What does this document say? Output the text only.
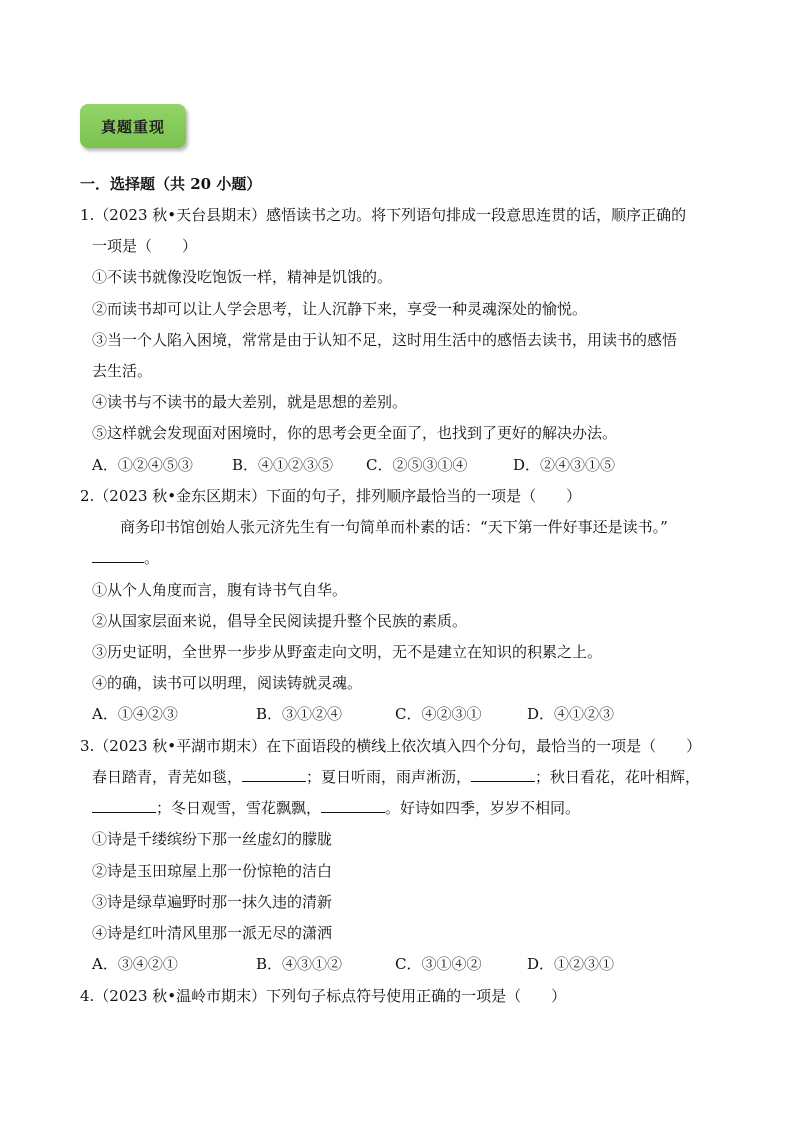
真题重现
一．选择题（共 20 小题）
1.（2023 秋•天台县期末）感悟读书之功。将下列语句排成一段意思连贯的话，顺序正确的
一项是（　　）
①不读书就像没吃饱饭一样，精神是饥饿的。
②而读书却可以让人学会思考，让人沉静下来，享受一种灵魂深处的愉悦。
③当一个人陷入困境，常常是由于认知不足，这时用生活中的感悟去读书，用读书的感悟
去生活。
④读书与不读书的最大差别，就是思想的差别。
⑤这样就会发现面对困境时，你的思考会更全面了，也找到了更好的解决办法。
A．①②④⑤③	B．④①②③⑤ C．②⑤③①④	D．②④③①⑤
2.（2023 秋•金东区期末）下面的句子，排列顺序最恰当的一项是（　　）
商务印书馆创始人张元济先生有一句简单而朴素的话：“天下第一件好事还是读书。”
。
①从个人角度而言，腹有诗书气自华。
②从国家层面来说，倡导全民阅读提升整个民族的素质。
③历史证明，全世界一步步从野蛮走向文明，无不是建立在知识的积累之上。
④的确，读书可以明理，阅读铸就灵魂。
A．①④②③	B．③①②④	C．④②③①	D．④①②③
3.（2023 秋•平湖市期末）在下面语段的横线上依次填入四个分句，最恰当的一项是（　　）
春日踏青，青芜如毯，	；夏日听雨，雨声淅沥，	；秋日看花，花叶相辉，
；冬日观雪，雪花飘飘，	。好诗如四季，岁岁不相同。
①诗是千缕缤纷下那一丝虚幻的朦胧
②诗是玉田琼屋上那一份惊艳的洁白
③诗是绿草遍野时那一抹久违的清新
④诗是红叶清风里那一派无尽的潇洒
A．③④②①	B．④③①②	C．③①④②	D．①②③①
4.（2023 秋•温岭市期末）下列句子标点符号使用正确的一项是（　　）
